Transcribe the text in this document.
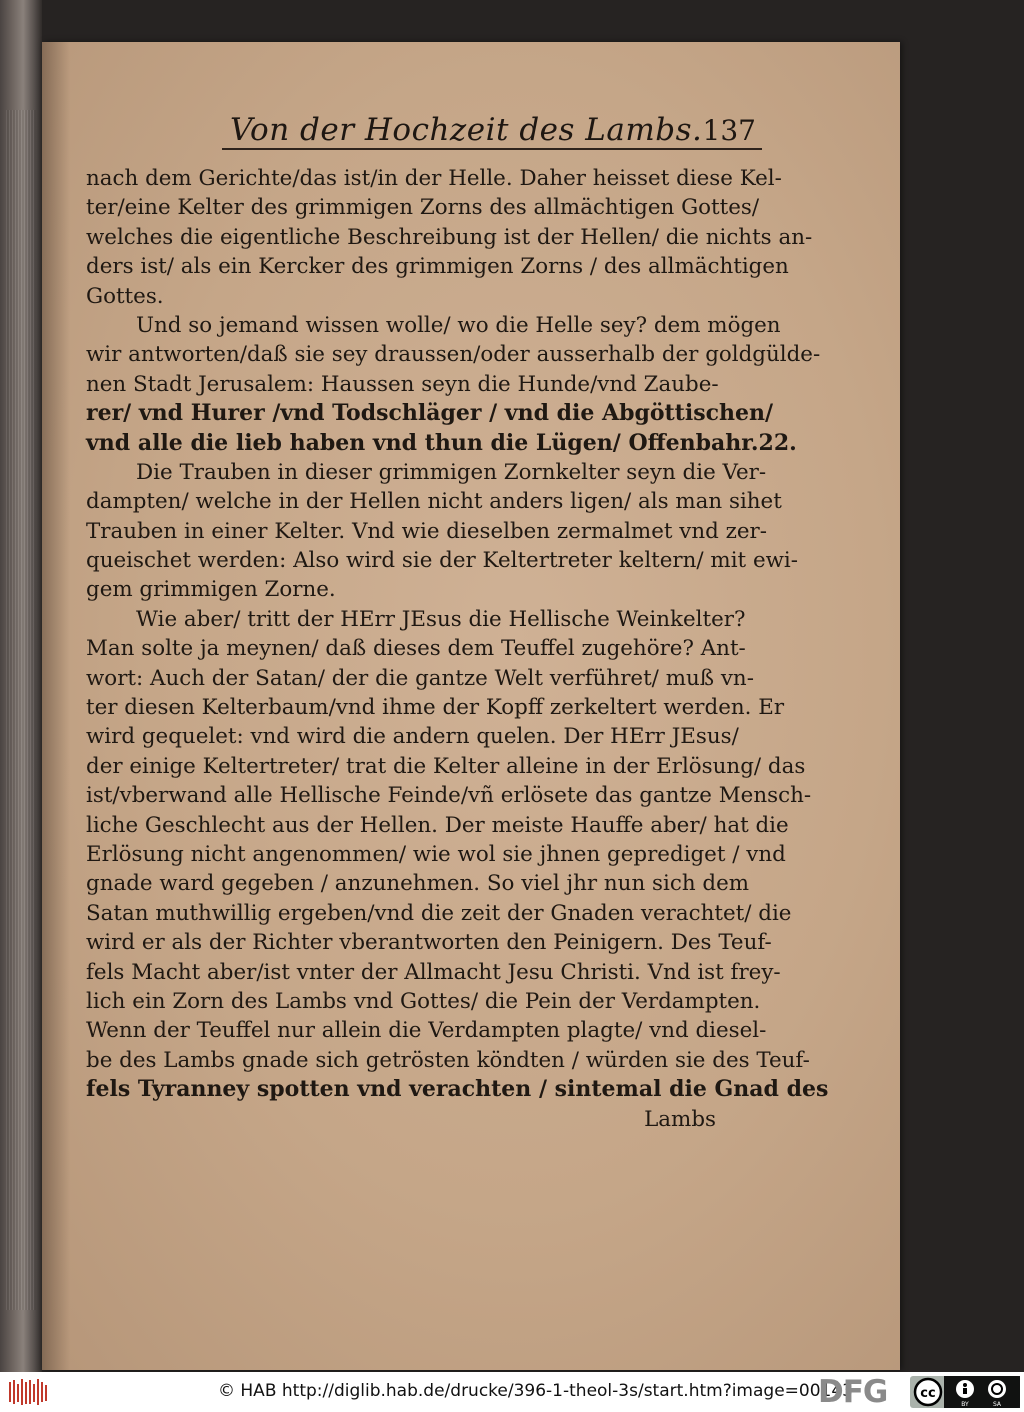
Von der Hochzeit des Lambs. 137
nach dem Gerichte/das ist/in der Helle. Daher heisset diese Kel-
ter/eine Kelter des grimmigen Zorns des allmächtigen Gottes/
welches die eigentliche Beschreibung ist der Hellen/ die nichts an-
ders ist/ als ein Kercker des grimmigen Zorns / des allmächtigen
Gottes.
Und so jemand wissen wolle/ wo die Helle sey? dem mögen
wir antworten/daß sie sey draussen/oder ausserhalb der goldgülde-
nen Stadt Jerusalem: Haussen seyn die Hunde/vnd Zaube-
rer/ vnd Hurer /vnd Todschläger / vnd die Abgöttischen/
vnd alle die lieb haben vnd thun die Lügen/ Offenbahr.22.
Die Trauben in dieser grimmigen Zornkelter seyn die Ver-
dampten/ welche in der Hellen nicht anders ligen/ als man sihet
Trauben in einer Kelter. Vnd wie dieselben zermalmet vnd zer-
queischet werden: Also wird sie der Keltertreter keltern/ mit ewi-
gem grimmigen Zorne.
Wie aber/ tritt der HErr JEsus die Hellische Weinkelter?
Man solte ja meynen/ daß dieses dem Teuffel zugehöre? Ant-
wort: Auch der Satan/ der die gantze Welt verführet/ muß vn-
ter diesen Kelterbaum/vnd ihme der Kopff zerkeltert werden. Er
wird gequelet: vnd wird die andern quelen. Der HErr JEsus/
der einige Keltertreter/ trat die Kelter alleine in der Erlösung/ das
ist/vberwand alle Hellische Feinde/vñ erlösete das gantze Mensch-
liche Geschlecht aus der Hellen. Der meiste Hauffe aber/ hat die
Erlösung nicht angenommen/ wie wol sie jhnen geprediget / vnd
gnade ward gegeben / anzunehmen. So viel jhr nun sich dem
Satan muthwillig ergeben/vnd die zeit der Gnaden verachtet/ die
wird er als der Richter vberantworten den Peinigern. Des Teuf-
fels Macht aber/ist vnter der Allmacht Jesu Christi. Vnd ist frey-
lich ein Zorn des Lambs vnd Gottes/ die Pein der Verdampten.
Wenn der Teuffel nur allein die Verdampten plagte/ vnd diesel-
be des Lambs gnade sich getrösten köndten / würden sie des Teuf-
fels Tyranney spotten vnd verachten / sintemal die Gnad des
Lambs
© HAB http://diglib.hab.de/drucke/396-1-theol-3s/start.htm?image=00143
DFG	cc
BY	SA
